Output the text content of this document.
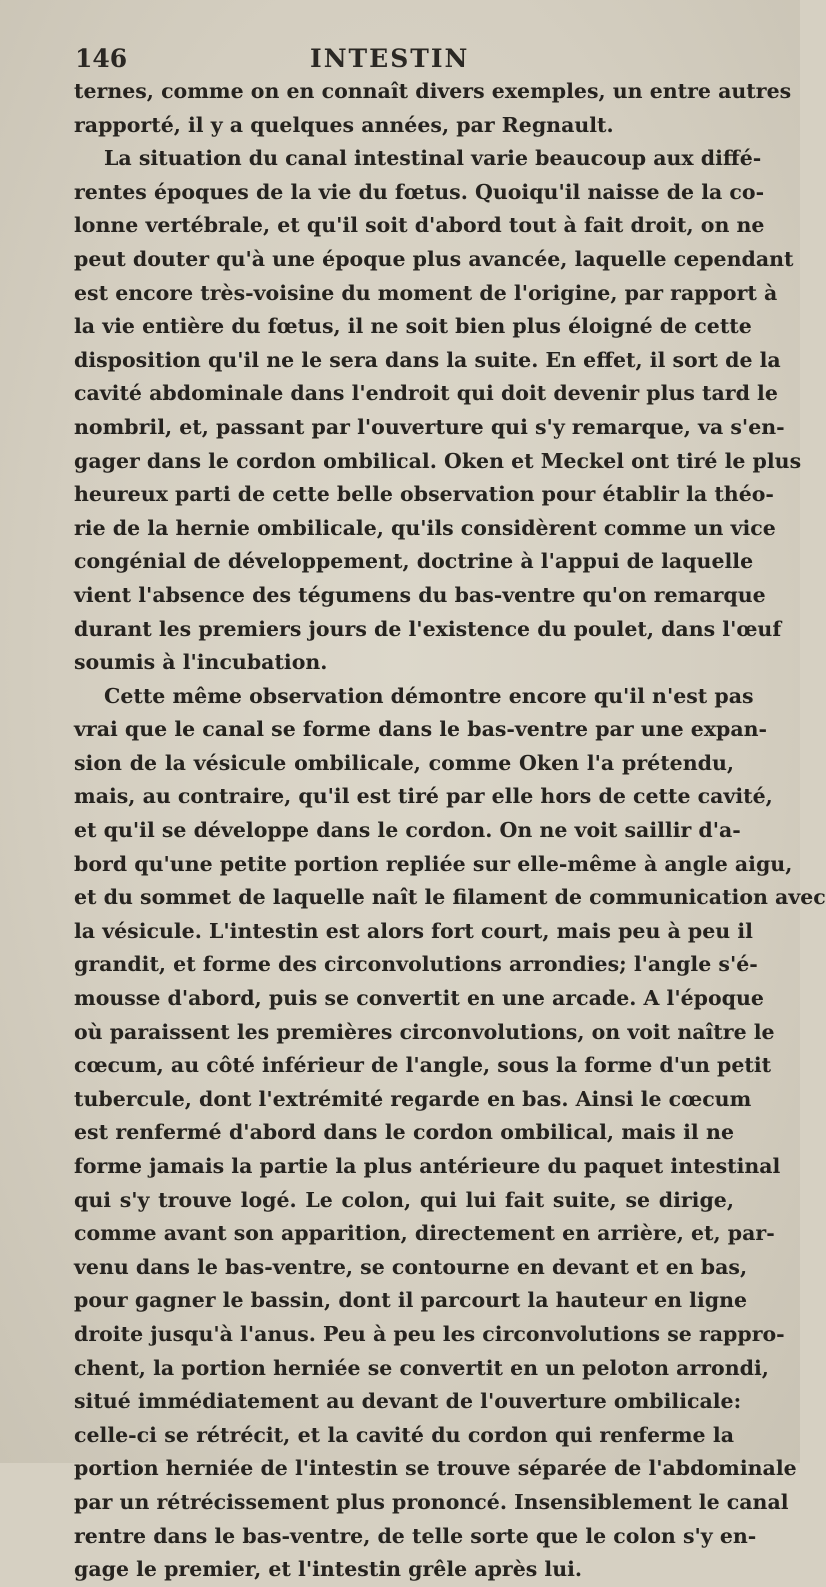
146	INTESTIN
ternes, comme on en connaît divers exemples, un entre autres
rapporté, il y a quelques années, par Regnault.
La situation du canal intestinal varie beaucoup aux diffé-
rentes époques de la vie du fœtus. Quoiqu'il naisse de la co-
lonne vertébrale, et qu'il soit d'abord tout à fait droit, on ne
peut douter qu'à une époque plus avancée, laquelle cependant
est encore très-voisine du moment de l'origine, par rapport à
la vie entière du fœtus, il ne soit bien plus éloigné de cette
disposition qu'il ne le sera dans la suite. En effet, il sort de la
cavité abdominale dans l'endroit qui doit devenir plus tard le
nombril, et, passant par l'ouverture qui s'y remarque, va s'en-
gager dans le cordon ombilical. Oken et Meckel ont tiré le plus
heureux parti de cette belle observation pour établir la théo-
rie de la hernie ombilicale, qu'ils considèrent comme un vice
congénial de développement, doctrine à l'appui de laquelle
vient l'absence des tégumens du bas-ventre qu'on remarque
durant les premiers jours de l'existence du poulet, dans l'œuf
soumis à l'incubation.
Cette même observation démontre encore qu'il n'est pas
vrai que le canal se forme dans le bas-ventre par une expan-
sion de la vésicule ombilicale, comme Oken l'a prétendu,
mais, au contraire, qu'il est tiré par elle hors de cette cavité,
et qu'il se développe dans le cordon. On ne voit saillir d'a-
bord qu'une petite portion repliée sur elle-même à angle aigu,
et du sommet de laquelle naît le filament de communication avec
la vésicule. L'intestin est alors fort court, mais peu à peu il
grandit, et forme des circonvolutions arrondies; l'angle s'é-
mousse d'abord, puis se convertit en une arcade. A l'époque
où paraissent les premières circonvolutions, on voit naître le
cœcum, au côté inférieur de l'angle, sous la forme d'un petit
tubercule, dont l'extrémité regarde en bas. Ainsi le cœcum
est renfermé d'abord dans le cordon ombilical, mais il ne
forme jamais la partie la plus antérieure du paquet intestinal
qui s'y trouve logé. Le colon, qui lui fait suite, se dirige,
comme avant son apparition, directement en arrière, et, par-
venu dans le bas-ventre, se contourne en devant et en bas,
pour gagner le bassin, dont il parcourt la hauteur en ligne
droite jusqu'à l'anus. Peu à peu les circonvolutions se rappro-
chent, la portion herniée se convertit en un peloton arrondi,
situé immédiatement au devant de l'ouverture ombilicale:
celle-ci se rétrécit, et la cavité du cordon qui renferme la
portion herniée de l'intestin se trouve séparée de l'abdominale
par un rétrécissement plus prononcé. Insensiblement le canal
rentre dans le bas-ventre, de telle sorte que le colon s'y en-
gage le premier, et l'intestin grêle après lui.
